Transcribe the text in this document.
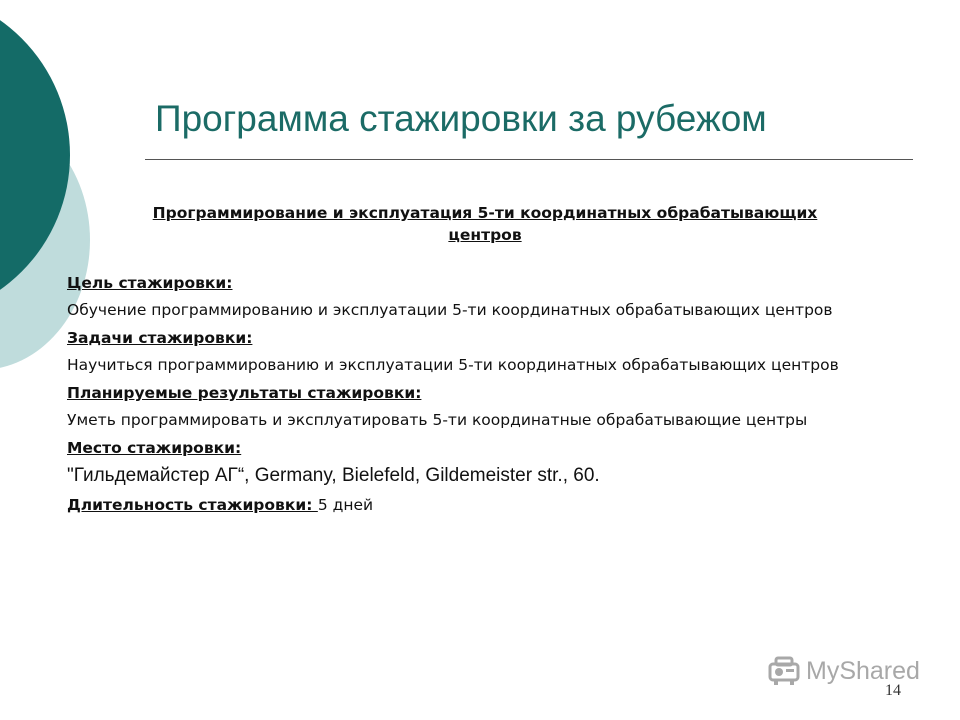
Программа стажировки за рубежом
Программирование и эксплуатация 5-ти координатных обрабатывающих центров
Цель стажировки:
Обучение программированию и эксплуатации 5-ти координатных обрабатывающих центров
Задачи стажировки:
Научиться программированию и эксплуатации 5-ти координатных обрабатывающих центров
Планируемые результаты стажировки:
Уметь программировать и эксплуатировать 5-ти координатные обрабатывающие центры
Место стажировки:
"Гильдемайстер АГ“, Germany, Bielefeld, Gildemeister str., 60.
Длительность стажировки: 5 дней
MyShared
14
